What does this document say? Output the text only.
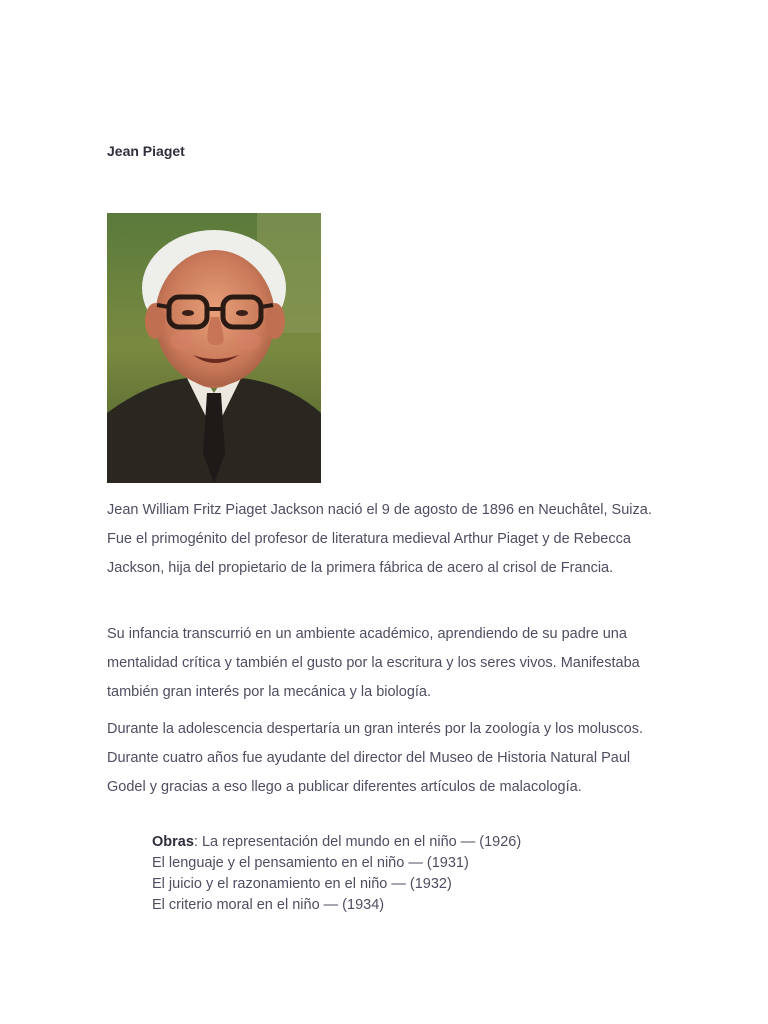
Jean Piaget

Jean William Fritz Piaget Jackson nació el 9 de agosto de 1896 en Neuchâtel, Suiza. Fue el primogénito del profesor de literatura medieval Arthur Piaget y de Rebecca Jackson, hija del propietario de la primera fábrica de acero al crisol de Francia.

Su infancia transcurrió en un ambiente académico, aprendiendo de su padre una mentalidad crítica y también el gusto por la escritura y los seres vivos. Manifestaba también gran interés por la mecánica y la biología.

Durante la adolescencia despertaría un gran interés por la zoología y los moluscos. Durante cuatro años fue ayudante del director del Museo de Historia Natural Paul Godel y gracias a eso llego a publicar diferentes artículos de malacología.

Obras: La representación del mundo en el niño — (1926)
El lenguaje y el pensamiento en el niño — (1931)
El juicio y el razonamiento en el niño — (1932)
El criterio moral en el niño — (1934)
